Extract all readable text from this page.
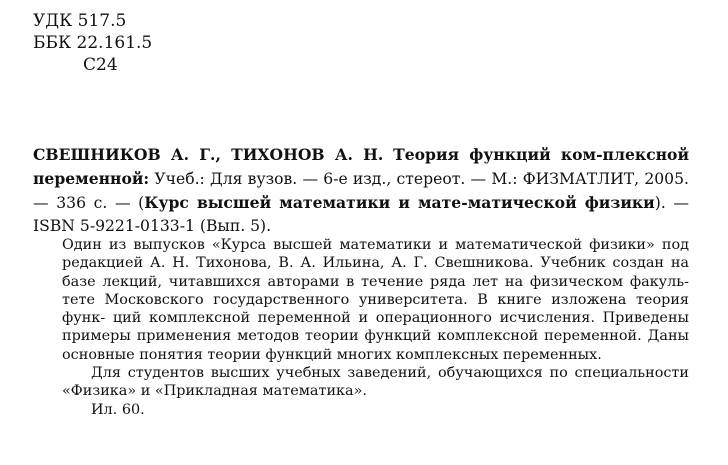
УДК 517.5
ББК 22.161.5
С24
СВЕШНИКОВ А. Г., ТИХОНОВ А. Н. Теория функций ком-плексной переменной: Учеб.: Для вузов. — 6-е изд., стереот. — М.: ФИЗМАТЛИТ, 2005. — 336 с. — (Курс высшей математики и мате-матической физики). — ISBN 5-9221-0133-1 (Вып. 5).

Один из выпусков «Курса высшей математики и математической физики» под редакцией А. Н. Тихонова, В. А. Ильина, А. Г. Свешникова. Учебник создан на базе лекций, читавшихся авторами в течение ряда лет на физическом факуль- тете Московского государственного университета. В книге изложена теория функ- ций комплексной переменной и операционного исчисления. Приведены примеры применения методов теории функций комплексной переменной. Даны основные понятия теории функций многих комплексных переменных.

Для студентов высших учебных заведений, обучающихся по специальности «Физика» и «Прикладная математика».

Ил. 60.
